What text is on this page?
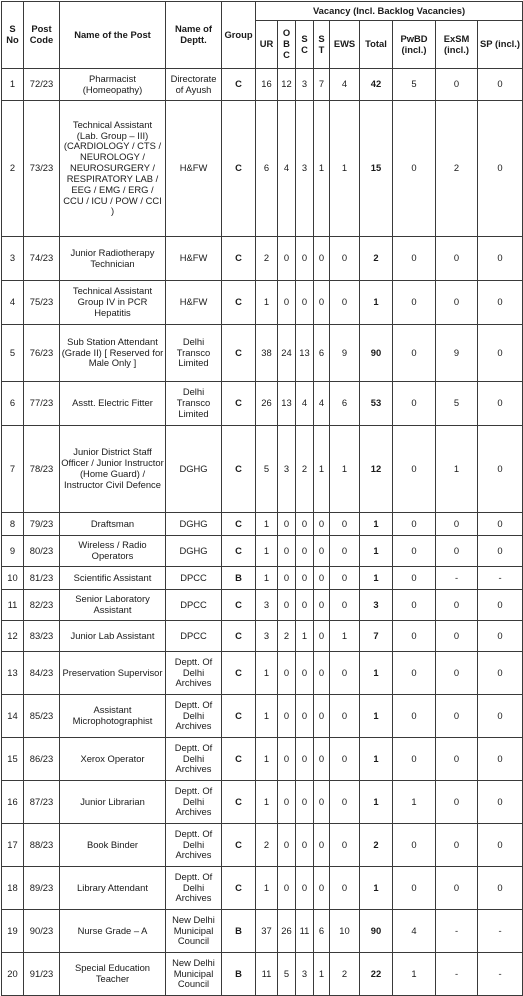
S No	Post Code	Name of the Post	Name of Deptt.	Group	Vacancy (Incl. Backlog Vacancies)								
					UR	O B C	S C	S T	EWS	Total	PwBD (incl.)	ExSM (incl.)	SP (incl.)
1	72/23	Pharmacist (Homeopathy)	Directorate of Ayush	C	16	12	3	7	4	42	5	0	0
2	73/23	Technical Assistant (Lab. Group – III) (CARDIOLOGY / CTS / NEUROLOGY / NEUROSURGERY / RESPIRATORY LAB / EEG / EMG / ERG / CCU / ICU / POW / CCI )	H&FW	C	6	4	3	1	1	15	0	2	0
3	74/23	Junior Radiotherapy Technician	H&FW	C	2	0	0	0	0	2	0	0	0
4	75/23	Technical Assistant Group IV in PCR Hepatitis	H&FW	C	1	0	0	0	0	1	0	0	0
5	76/23	Sub Station Attendant (Grade II) [ Reserved for Male Only ]	Delhi Transco Limited	C	38	24	13	6	9	90	0	9	0
6	77/23	Asstt. Electric Fitter	Delhi Transco Limited	C	26	13	4	4	6	53	0	5	0
7	78/23	Junior District Staff Officer / Junior Instructor (Home Guard) / Instructor Civil Defence	DGHG	C	5	3	2	1	1	12	0	1	0
8	79/23	Draftsman	DGHG	C	1	0	0	0	0	1	0	0	0
9	80/23	Wireless / Radio Operators	DGHG	C	1	0	0	0	0	1	0	0	0
10	81/23	Scientific Assistant	DPCC	B	1	0	0	0	0	1	0	-	-
11	82/23	Senior Laboratory Assistant	DPCC	C	3	0	0	0	0	3	0	0	0
12	83/23	Junior Lab Assistant	DPCC	C	3	2	1	0	1	7	0	0	0
13	84/23	Preservation Supervisor	Deptt. Of Delhi Archives	C	1	0	0	0	0	1	0	0	0
14	85/23	Assistant Microphotographist	Deptt. Of Delhi Archives	C	1	0	0	0	0	1	0	0	0
15	86/23	Xerox Operator	Deptt. Of Delhi Archives	C	1	0	0	0	0	1	0	0	0
16	87/23	Junior Librarian	Deptt. Of Delhi Archives	C	1	0	0	0	0	1	1	0	0
17	88/23	Book Binder	Deptt. Of Delhi Archives	C	2	0	0	0	0	2	0	0	0
18	89/23	Library Attendant	Deptt. Of Delhi Archives	C	1	0	0	0	0	1	0	0	0
19	90/23	Nurse Grade – A	New Delhi Municipal Council	B	37	26	11	6	10	90	4	-	-
20	91/23	Special Education Teacher	New Delhi Municipal Council	B	11	5	3	1	2	22	1	-	-
